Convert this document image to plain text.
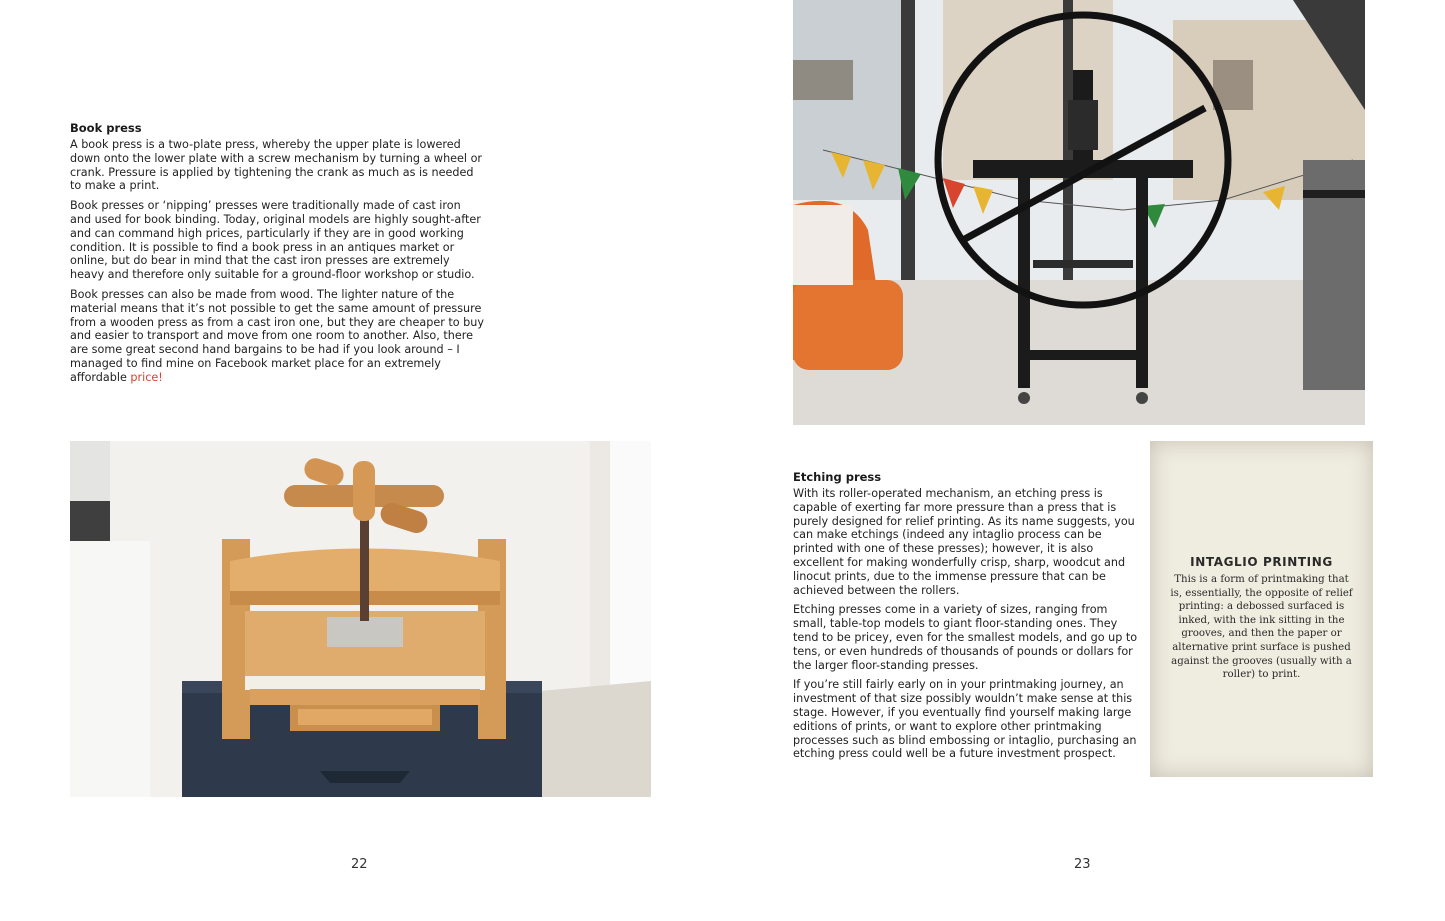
Book press

A book press is a two-plate press, whereby the upper plate is lowered down onto the lower plate with a screw mechanism by turning a wheel or crank. Pressure is applied by tightening the crank as much as is needed to make a print.

Book presses or ‘nipping’ presses were traditionally made of cast iron and used for book binding. Today, original models are highly sought-after and can command high prices, particularly if they are in good working condition. It is possible to find a book press in an antiques market or online, but do bear in mind that the cast iron presses are extremely heavy and therefore only suitable for a ground-floor workshop or studio.

Book presses can also be made from wood. The lighter nature of the material means that it’s not possible to get the same amount of pressure from a wooden press as from a cast iron one, but they are cheaper to buy and easier to transport and move from one room to another. Also, there are some great second hand bargains to be had if you look around – I managed to find mine on Facebook market place for an extremely affordable price!

22
Etching press

With its roller-operated mechanism, an etching press is capable of exerting far more pressure than a press that is purely designed for relief printing. As its name suggests, you can make etchings (indeed any intaglio process can be printed with one of these presses); however, it is also excellent for making wonderfully crisp, sharp, woodcut and linocut prints, due to the immense pressure that can be achieved between the rollers.

Etching presses come in a variety of sizes, ranging from small, table-top models to giant floor-standing ones. They tend to be pricey, even for the smallest models, and go up to tens, or even hundreds of thousands of pounds or dollars for the larger floor-standing presses.

If you’re still fairly early on in your printmaking journey, an investment of that size possibly wouldn’t make sense at this stage. However, if you eventually find yourself making large editions of prints, or want to explore other printmaking processes such as blind embossing or intaglio, purchasing an etching press could well be a future investment prospect.

INTAGLIO PRINTING
This is a form of printmaking that is, essentially, the opposite of relief printing: a debossed surfaced is inked, with the ink sitting in the grooves, and then the paper or alternative print surface is pushed against the grooves (usually with a roller) to print.
23
